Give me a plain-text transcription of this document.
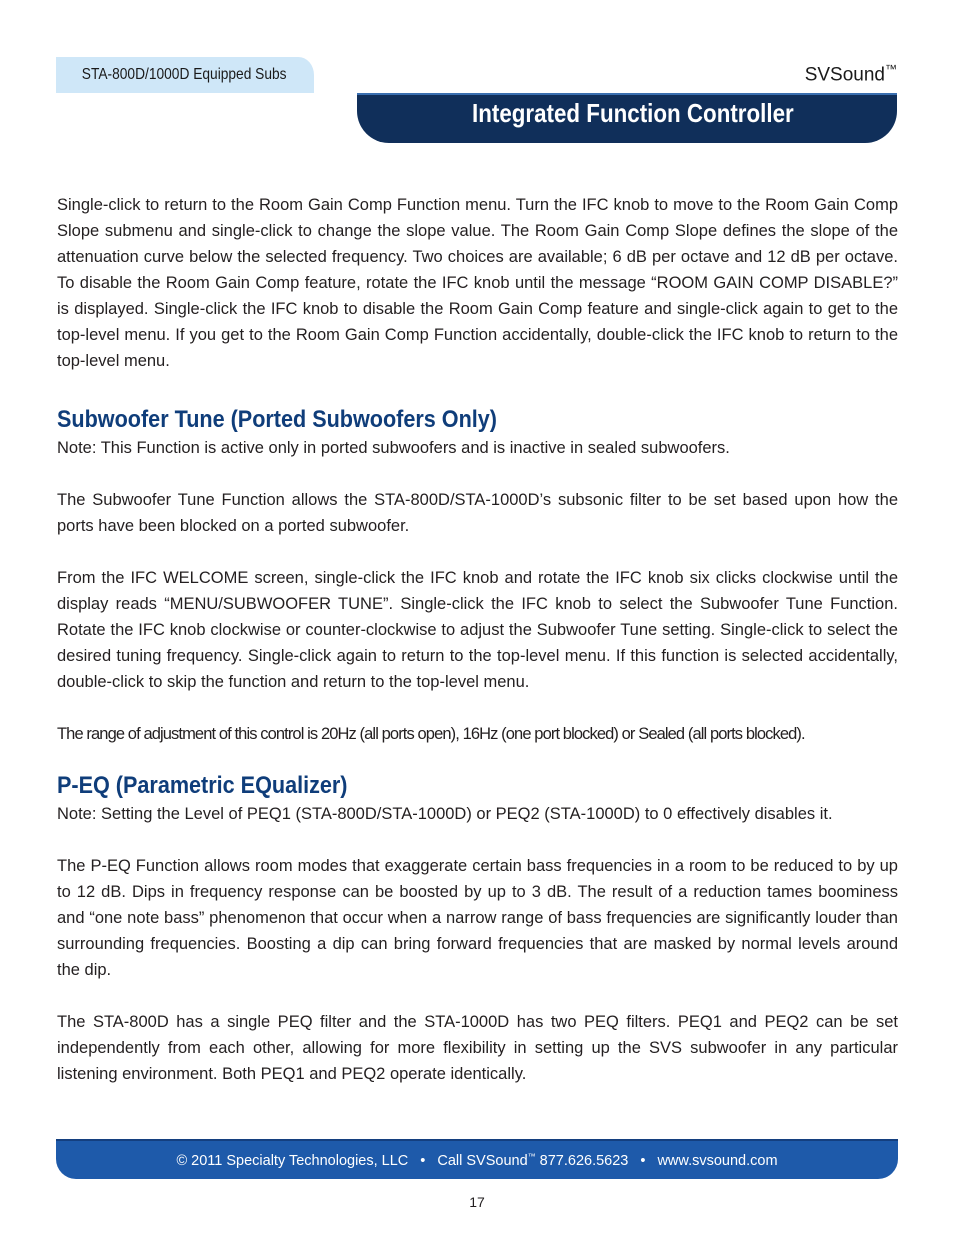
STA-800D/1000D Equipped Subs	SVSound™
Integrated Function Controller

Single-click to return to the Room Gain Comp Function menu. Turn the IFC knob to move to the Room Gain Comp Slope submenu and single-click to change the slope value. The Room Gain Comp Slope defines the slope of the attenuation curve below the selected frequency. Two choices are available; 6 dB per octave and 12 dB per octave. To disable the Room Gain Comp feature, rotate the IFC knob until the message “ROOM GAIN COMP DISABLE?” is displayed. Single-click the IFC knob to disable the Room Gain Comp feature and single-click again to get to the top-level menu. If you get to the Room Gain Comp Function accidentally, double-click the IFC knob to return to the top-level menu.

Subwoofer Tune (Ported Subwoofers Only)

Note: This Function is active only in ported subwoofers and is inactive in sealed subwoofers.

The Subwoofer Tune Function allows the STA-800D/STA-1000D’s subsonic filter to be set based upon how the ports have been blocked on a ported subwoofer.

From the IFC WELCOME screen, single-click the IFC knob and rotate the IFC knob six clicks clockwise until the display reads “MENU/SUBWOOFER TUNE”. Single-click the IFC knob to select the Subwoofer Tune Function. Rotate the IFC knob clockwise or counter-clockwise to adjust the Subwoofer Tune setting. Single-click to select the desired tuning frequency. Single-click again to return to the top-level menu. If this function is selected accidentally, double-click to skip the function and return to the top-level menu.

The range of adjustment of this control is 20Hz (all ports open), 16Hz (one port blocked) or Sealed (all ports blocked).

P-EQ (Parametric EQualizer)

Note: Setting the Level of PEQ1 (STA-800D/STA-1000D) or PEQ2 (STA-1000D) to 0 effectively disables it.

The P-EQ Function allows room modes that exaggerate certain bass frequencies in a room to be reduced to by up to 12 dB. Dips in frequency response can be boosted by up to 3 dB. The result of a reduction tames boominess and “one note bass” phenomenon that occur when a narrow range of bass frequencies are significantly louder than surrounding frequencies. Boosting a dip can bring forward frequencies that are masked by normal levels around the dip.

The STA-800D has a single PEQ filter and the STA-1000D has two PEQ filters. PEQ1 and PEQ2 can be set independently from each other, allowing for more flexibility in setting up the SVS subwoofer in any particular listening environment. Both PEQ1 and PEQ2 operate identically.

© 2011 Specialty Technologies, LLC • Call SVSound™ 877.626.5623 • www.svsound.com
17
